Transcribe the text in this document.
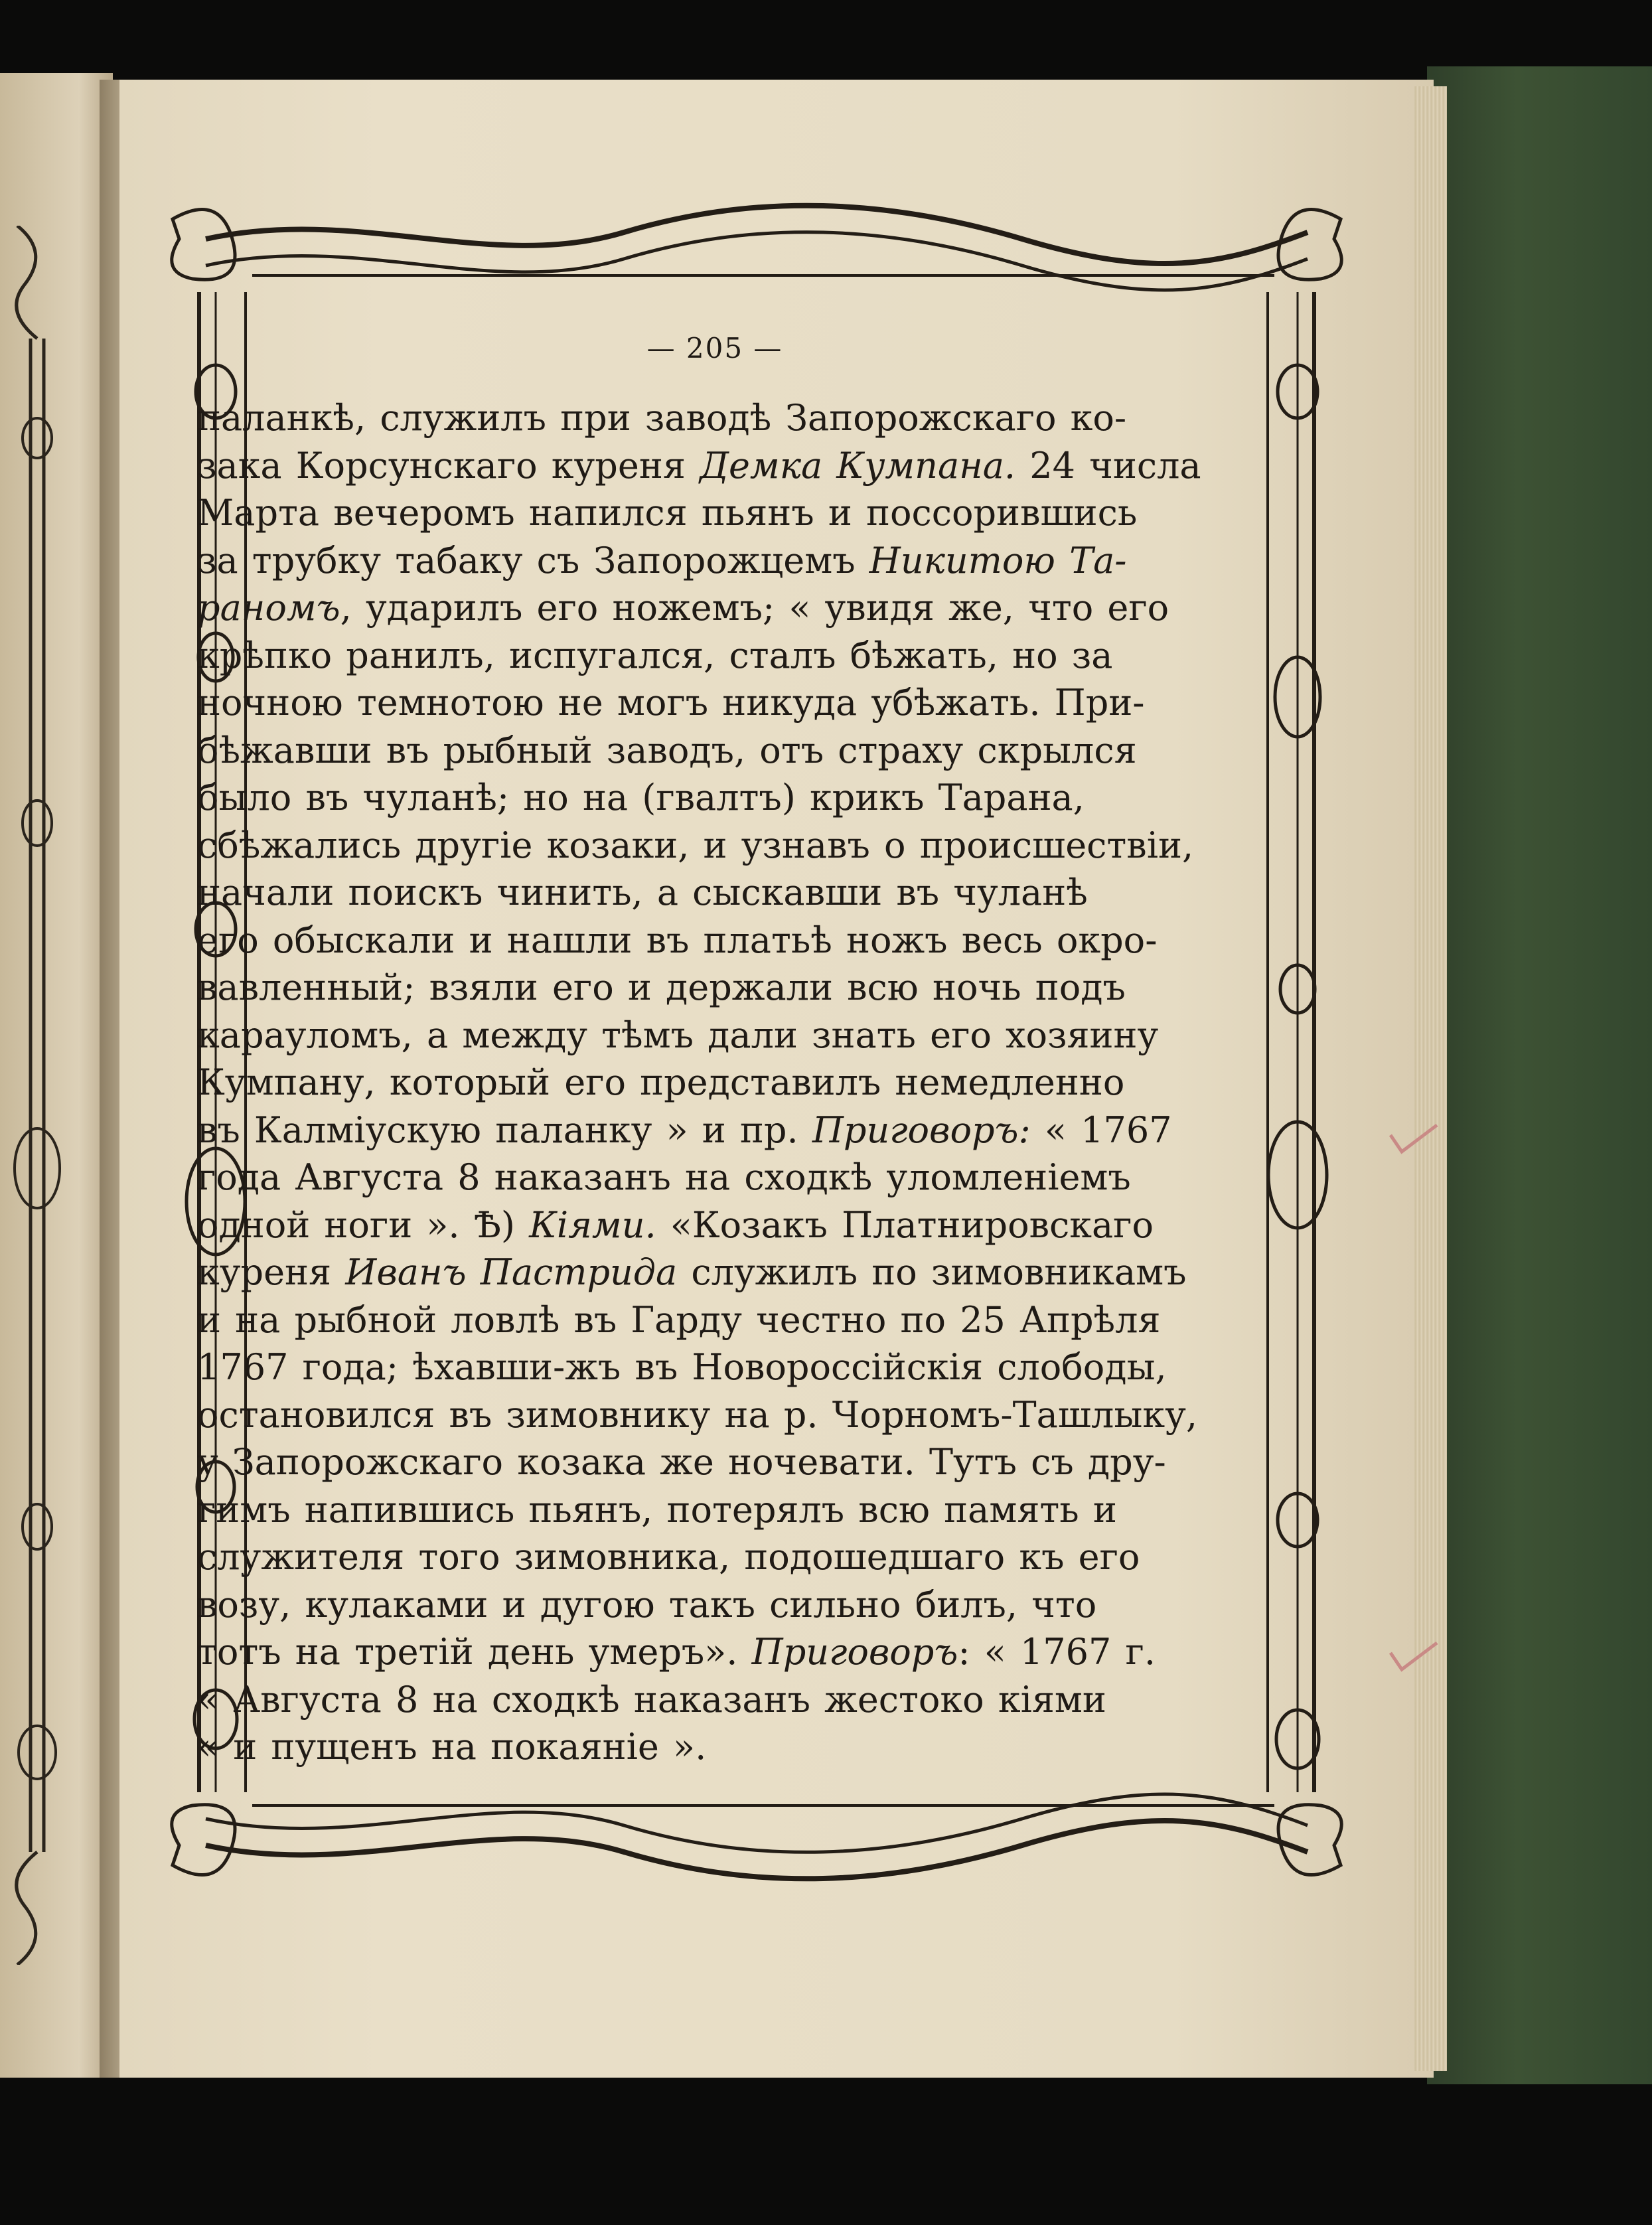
— 205 —
паланкѣ, служилъ при заводѣ Запорожскаго ко-
зака Корсунскаго куреня Демка Кумпана. 24 числа
Марта вечеромъ напился пьянъ и поссорившись
за трубку табаку съ Запорожцемъ Никитою Та-
раномъ, ударилъ его ножемъ; « увидя же, что его
крѣпко ранилъ, испугался, сталъ бѣжать, но за
ночною темнотою не могъ никуда убѣжать. При-
бѣжавши въ рыбный заводъ, отъ страху скрылся
было въ чуланѣ; но на (гвалтъ) крикъ Тарана,
сбѣжались другіе козаки, и узнавъ о происшествіи,
начали поискъ чинить, а сыскавши въ чуланѣ
его обыскали и нашли въ платьѣ ножъ весь окро-
вавленный; взяли его и держали всю ночь подъ
карауломъ, а между тѣмъ дали знать его хозяину
Кумпану, который его представилъ немедленно
въ Калміускую паланку » и пр. Приговоръ: « 1767
года Августа 8 наказанъ на сходкѣ уломленіемъ
одной ноги ». Ѣ) Кіями. «Козакъ Платнировскаго
куреня Иванъ Пастрида служилъ по зимовникамъ
и на рыбной ловлѣ въ Гарду честно по 25 Апрѣля
1767 года; ѣхавши-жъ въ Новороссійскія слободы,
остановился въ зимовнику на р. Чорномъ-Ташлыку,
у Запорожскаго козака же ночевати. Тутъ съ дру-
гимъ напившись пьянъ, потерялъ всю память и
служителя того зимовника, подошедшаго къ его
возу, кулаками и дугою такъ сильно билъ, что
тотъ на третій день умеръ». Приговоръ: « 1767 г.
« Августа 8 на сходкѣ наказанъ жестоко кіями
« и пущенъ на покаяніе ».
